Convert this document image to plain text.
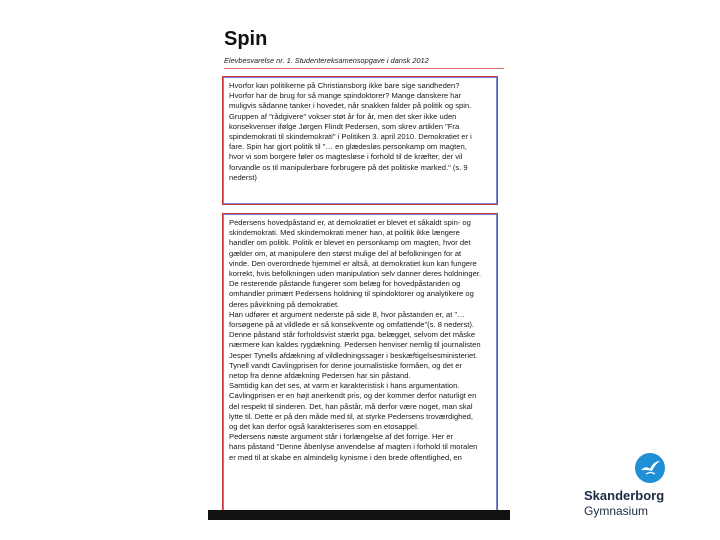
Spin
Elevbesvarelse nr. 1. Studentereksamensopgave i dansk 2012

Hvorfor kan politikerne på Christiansborg ikke bare sige sandheden?

Hvorfor har de brug for så mange spindoktorer? Mange danskere har

muligvis sådanne tanker i hovedet, når snakken falder på politik og spin.

Gruppen af "rådgivere" vokser støt år for år, men det sker ikke uden

konsekvenser ifølge Jørgen Flindt Pedersen, som skrev artiklen "Fra

spindemokrati til skindemokrati" i Politiken 3. april 2010. Demokratiet er i

fare. Spin har gjort politik til "… en glædesløs personkamp om magten,

hvor vi som borgere føler os magtesløse i forhold til de kræfter, der vil

forvandle os til manipulerbare forbrugere på det politiske marked." (s. 9

nederst)

Pedersens hovedpåstand er, at demokratiet er blevet et såkaldt spin- og

skindemokrati. Med skindemokrati mener han, at politik ikke længere

handler om politik. Politik er blevet en personkamp om magten, hvor det

gælder om, at manipulere den størst mulige del af befolkningen for at

vinde. Den overordnede hjemmel er altså, at demokratiet kun kan fungere

korrekt, hvis befolkningen uden manipulation selv danner deres holdninger.

De resterende påstande fungerer som belæg for hovedpåstanden og

omhandler primært Pedersens holdning til spindoktorer og analytikere og

deres påvirkning på demokratiet.

Han udfører et argument nederste på side 8, hvor påstanden er, at "…

forsøgene på at vildlede er så konsekvente og omfattende"(s. 8 nederst).

Denne påstand står forholdsvist stærkt pga. belægget, selvom det måske

nærmere kan kaldes rygdækning. Pedersen henviser nemlig til journalisten

Jesper Tynells afdækning af vildledningssager i beskæftigelsesministeriet.

Tynell vandt Cavlingprisen for denne journalistiske formåen, og det er

netop fra denne afdækning Pedersen har sin påstand.

Samtidig kan det ses, at varm er karakteristisk i hans argumentation.

Cavlingprisen er en højt anerkendt pris, og der kommer derfor naturligt en

del respekt til sinderen. Det, han påstår, må derfor være noget, man skal

lytte til. Dette er på den måde med til, at styrke Pedersens troværdighed,

og det kan derfor også karakteriseres som en etosappel.

Pedersens næste argument står i forlængelse af det forrige. Her er

hans påstand "Denne åbenlyse anvendelse af magten i forhold til moralen

er med til at skabe en almindelig kynisme i den brede offentlighed, en

Skanderborg
Gymnasium
